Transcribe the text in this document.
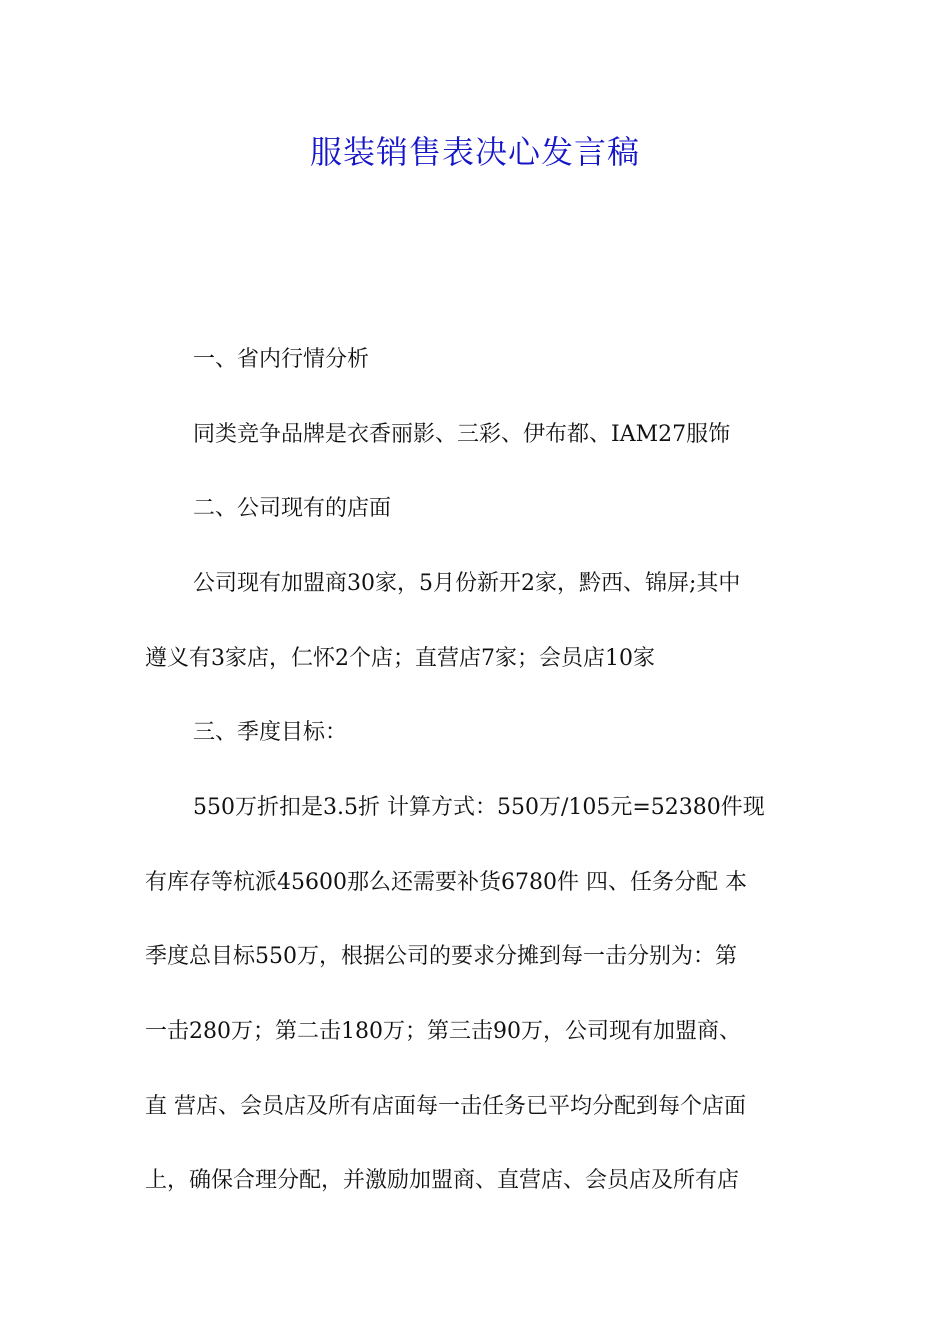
服装销售表决心发言稿
一、省内行情分析
同类竞争品牌是衣香丽影、三彩、伊布都、IAM27服饰
二、公司现有的店面
公司现有加盟商30家，5月份新开2家，黔西、锦屏;其中
遵义有3家店，仁怀2个店；直营店7家；会员店10家
三、季度目标：
550万折扣是3.5折 计算方式：550万/105元=52380件现
有库存等杭派45600那么还需要补货6780件 四、任务分配 本
季度总目标550万，根据公司的要求分摊到每一击分别为：第
一击280万；第二击180万；第三击90万，公司现有加盟商、
直 营店、会员店及所有店面每一击任务已平均分配到每个店面
上，确保合理分配，并激励加盟商、直营店、会员店及所有店
